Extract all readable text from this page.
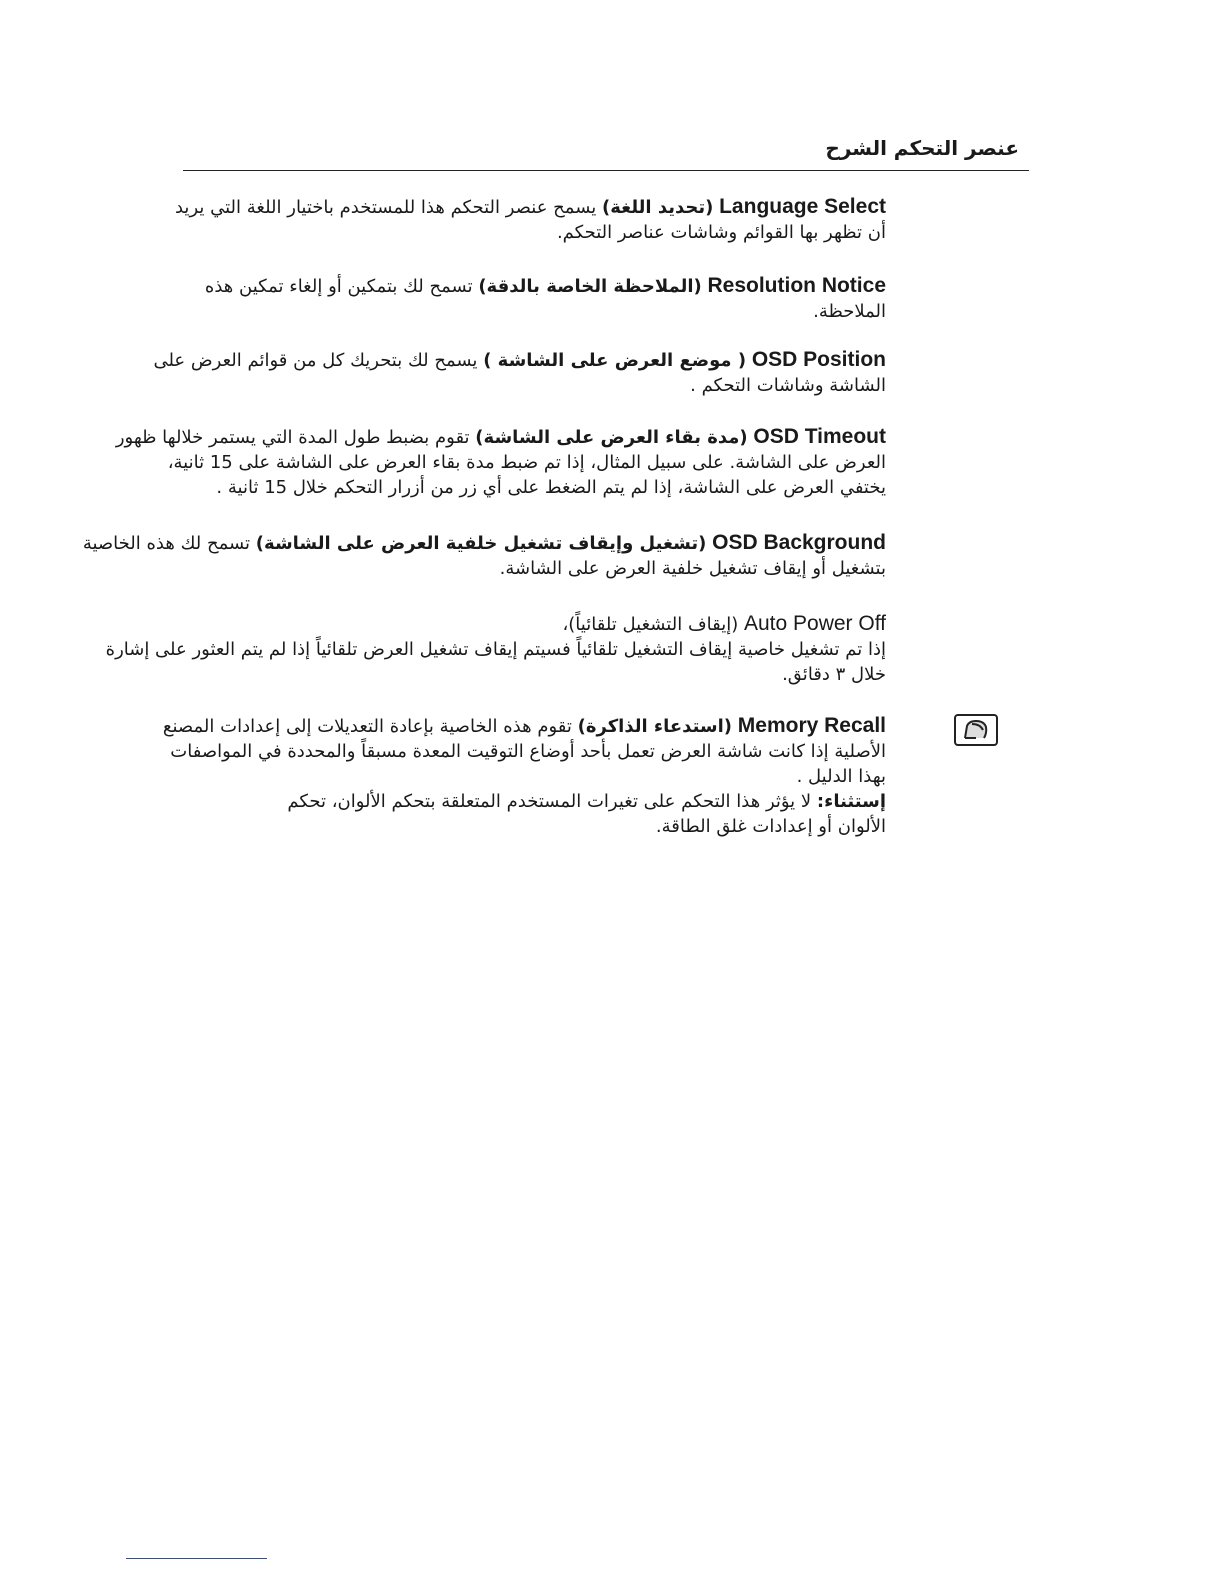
عنصر التحكم
الشرح

Language Select (تحديد اللغة) يسمح عنصر التحكم هذا للمستخدم باختيار اللغة التي يريد

أن تظهر بها القوائم وشاشات عناصر التحكم.

Resolution Notice (الملاحظة الخاصة بالدقة) تسمح لك بتمكين أو إلغاء تمكين هذه

الملاحظة.

OSD Position ( موضع العرض على الشاشة ) يسمح لك بتحريك كل من قوائم العرض على

الشاشة وشاشات التحكم .

OSD Timeout (مدة بقاء العرض على الشاشة) تقوم بضبط طول المدة التي يستمر خلالها ظهور

العرض على الشاشة. على سبيل المثال، إذا تم ضبط مدة بقاء العرض على الشاشة على 15 ثانية،

يختفي العرض على الشاشة، إذا لم يتم الضغط على أي زر من أزرار التحكم خلال 15 ثانية .

OSD Background (تشغيل وإيقاف تشغيل خلفية العرض على الشاشة) تسمح لك هذه الخاصية

بتشغيل أو إيقاف تشغيل خلفية العرض على الشاشة.

Auto Power Off (إيقاف التشغيل تلقائياً)،

إذا تم تشغيل خاصية إيقاف التشغيل تلقائياً فسيتم إيقاف تشغيل العرض تلقائياً إذا لم يتم العثور على إشارة

خلال ٣ دقائق.

Memory Recall (استدعاء الذاكرة) تقوم هذه الخاصية بإعادة التعديلات إلى إعدادات المصنع

الأصلية إذا كانت شاشة العرض تعمل بأحد أوضاع التوقيت المعدة مسبقاً والمحددة في المواصفات

بهذا الدليل .

إستثناء: لا يؤثر هذا التحكم على تغيرات المستخدم المتعلقة بتحكم الألوان، تحكم

الألوان أو إعدادات غلق الطاقة.
